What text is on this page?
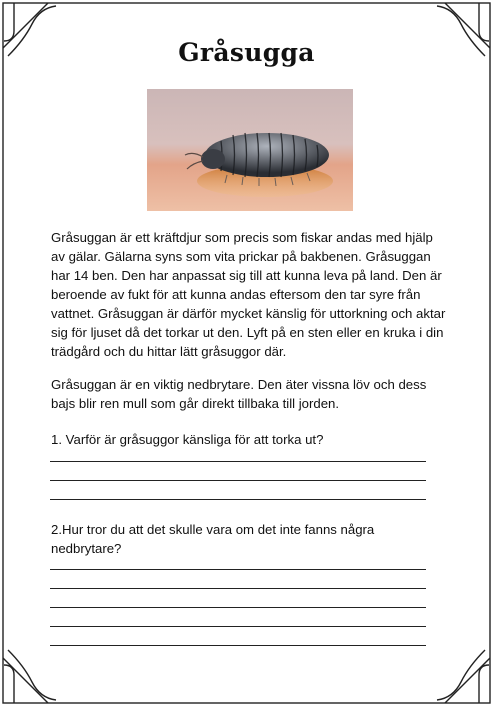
Gråsugga
Gråsuggan är ett kräftdjur som precis som fiskar andas med hjälp av gälar. Gälarna syns som vita prickar på bakbenen. Gråsuggan har 14 ben. Den har anpassat sig till att kunna leva på land. Den är beroende av fukt för att kunna andas eftersom den tar syre från vattnet. Gråsuggan är därför mycket känslig för uttorkning och aktar sig för ljuset då det torkar ut den. Lyft på en sten eller en kruka i din trädgård och du hittar lätt gråsuggor där.
Gråsuggan är en viktig nedbrytare. Den äter vissna löv och dess bajs blir ren mull som går direkt tillbaka till jorden.
1. Varför är gråsuggor känsliga för att torka ut?
2.Hur tror du att det skulle vara om det inte fanns några nedbrytare?
